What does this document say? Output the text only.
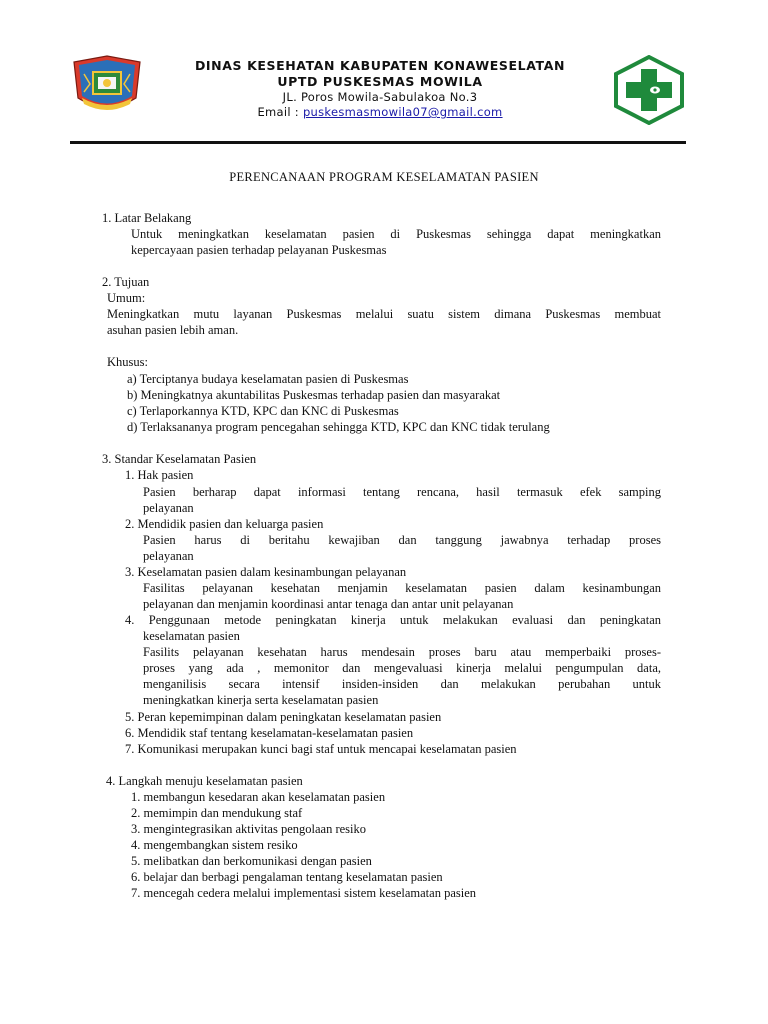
DINAS KESEHATAN KABUPATEN KONAWESELATAN
UPTD PUSKESMAS MOWILA
JL. Poros Mowila-Sabulakoa No.3
Email : puskesmasmowila07@gmail.com
PERENCANAAN PROGRAM KESELAMATAN PASIEN
1. Latar Belakang
Untuk meningkatkan keselamatan pasien di Puskesmas sehingga dapat meningkatkan
kepercayaan pasien terhadap pelayanan Puskesmas
2. Tujuan
Umum:
Meningkatkan mutu layanan Puskesmas melalui suatu sistem dimana Puskesmas membuat
asuhan pasien lebih aman.
Khusus:
a) Terciptanya budaya keselamatan pasien di Puskesmas
b) Meningkatnya akuntabilitas Puskesmas terhadap pasien dan masyarakat
c) Terlaporkannya KTD, KPC dan KNC di Puskesmas
d) Terlaksananya program pencegahan sehingga KTD, KPC dan KNC tidak terulang
3. Standar Keselamatan Pasien
1. Hak pasien
Pasien berharap dapat informasi tentang rencana, hasil termasuk efek samping
pelayanan
2. Mendidik pasien dan keluarga pasien
Pasien harus di beritahu kewajiban dan tanggung jawabnya terhadap proses
pelayanan
3. Keselamatan pasien dalam kesinambungan pelayanan
Fasilitas pelayanan kesehatan menjamin keselamatan pasien dalam kesinambungan
pelayanan dan menjamin koordinasi antar tenaga dan antar unit pelayanan
4. Penggunaan metode peningkatan kinerja untuk melakukan evaluasi dan peningkatan
keselamatan pasien
Fasilits pelayanan kesehatan harus mendesain proses baru atau memperbaiki proses-
proses yang ada , memonitor dan mengevaluasi kinerja melalui pengumpulan data,
menganilisis secara intensif insiden-insiden dan melakukan perubahan untuk
meningkatkan kinerja serta keselamatan pasien
5. Peran kepemimpinan dalam peningkatan keselamatan pasien
6. Mendidik staf tentang keselamatan-keselamatan pasien
7. Komunikasi merupakan kunci bagi staf untuk mencapai keselamatan pasien
4. Langkah menuju keselamatan pasien
1. membangun kesedaran akan keselamatan pasien
2. memimpin dan mendukung staf
3. mengintegrasikan aktivitas pengolaan resiko
4. mengembangkan sistem resiko
5. melibatkan dan berkomunikasi dengan pasien
6. belajar dan berbagi pengalaman tentang keselamatan pasien
7. mencegah cedera melalui implementasi sistem keselamatan pasien
